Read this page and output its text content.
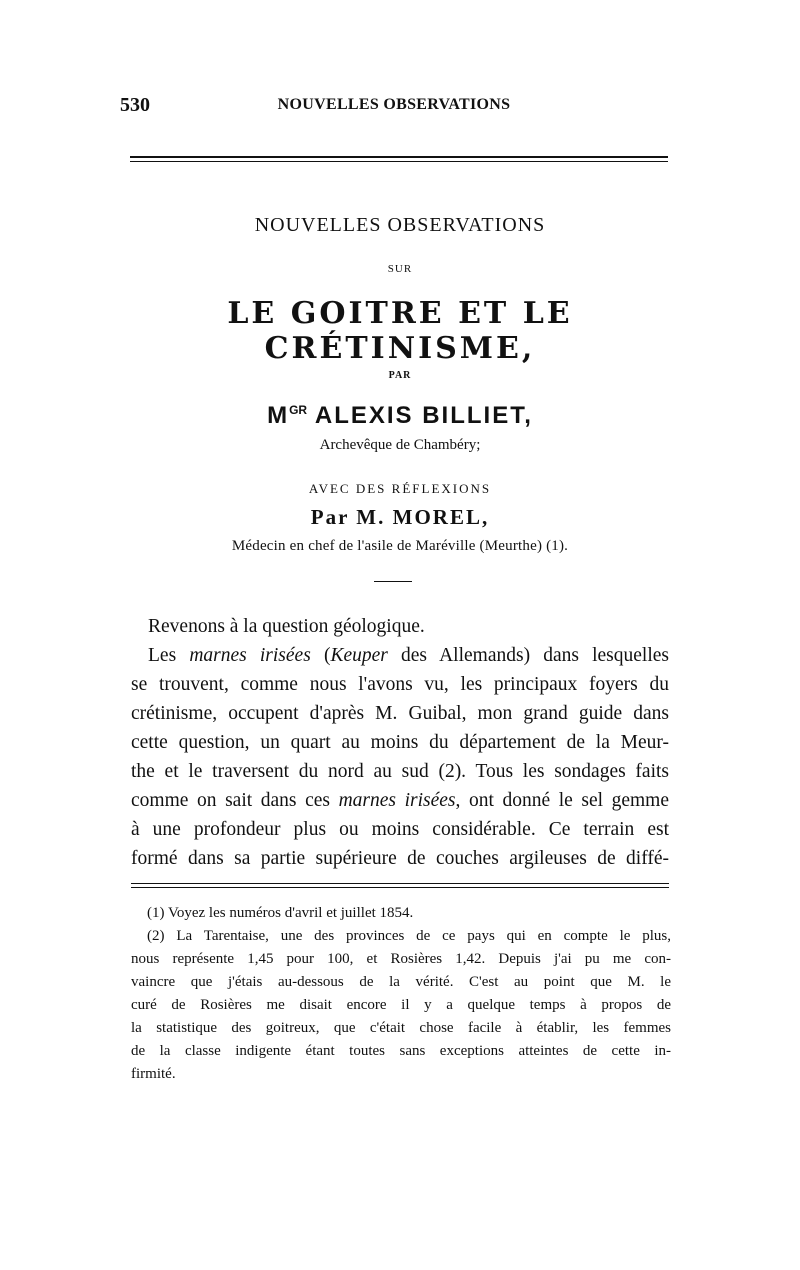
530	NOUVELLES OBSERVATIONS
NOUVELLES OBSERVATIONS
SUR
LE GOITRE ET LE CRÉTINISME,
PAR
$M^{GR}$ ALEXIS BILLIET,
Archevêque de Chambéry;
AVEC DES RÉFLEXIONS
Par M. MOREL,
Médecin en chef de l'asile de Maréville (Meurthe) (1).
Revenons à la question géologique.
Les marnes irisées (Keuper des Allemands) dans lesquelles
se trouvent, comme nous l'avons vu, les principaux foyers du
crétinisme, occupent d'après M. Guibal, mon grand guide dans
cette question, un quart au moins du département de la Meur-
the et le traversent du nord au sud (2). Tous les sondages faits
comme on sait dans ces marnes irisées, ont donné le sel gemme
à une profondeur plus ou moins considérable. Ce terrain est
formé dans sa partie supérieure de couches argileuses de diffé-
(1) Voyez les numéros d'avril et juillet 1854.
(2) La Tarentaise, une des provinces de ce pays qui en compte le plus,
nous représente 1,45 pour 100, et Rosières 1,42. Depuis j'ai pu me con-
vaincre que j'étais au-dessous de la vérité. C'est au point que M. le
curé de Rosières me disait encore il y a quelque temps à propos de
la statistique des goitreux, que c'était chose facile à établir, les femmes
de la classe indigente étant toutes sans exceptions atteintes de cette in-
firmité.
